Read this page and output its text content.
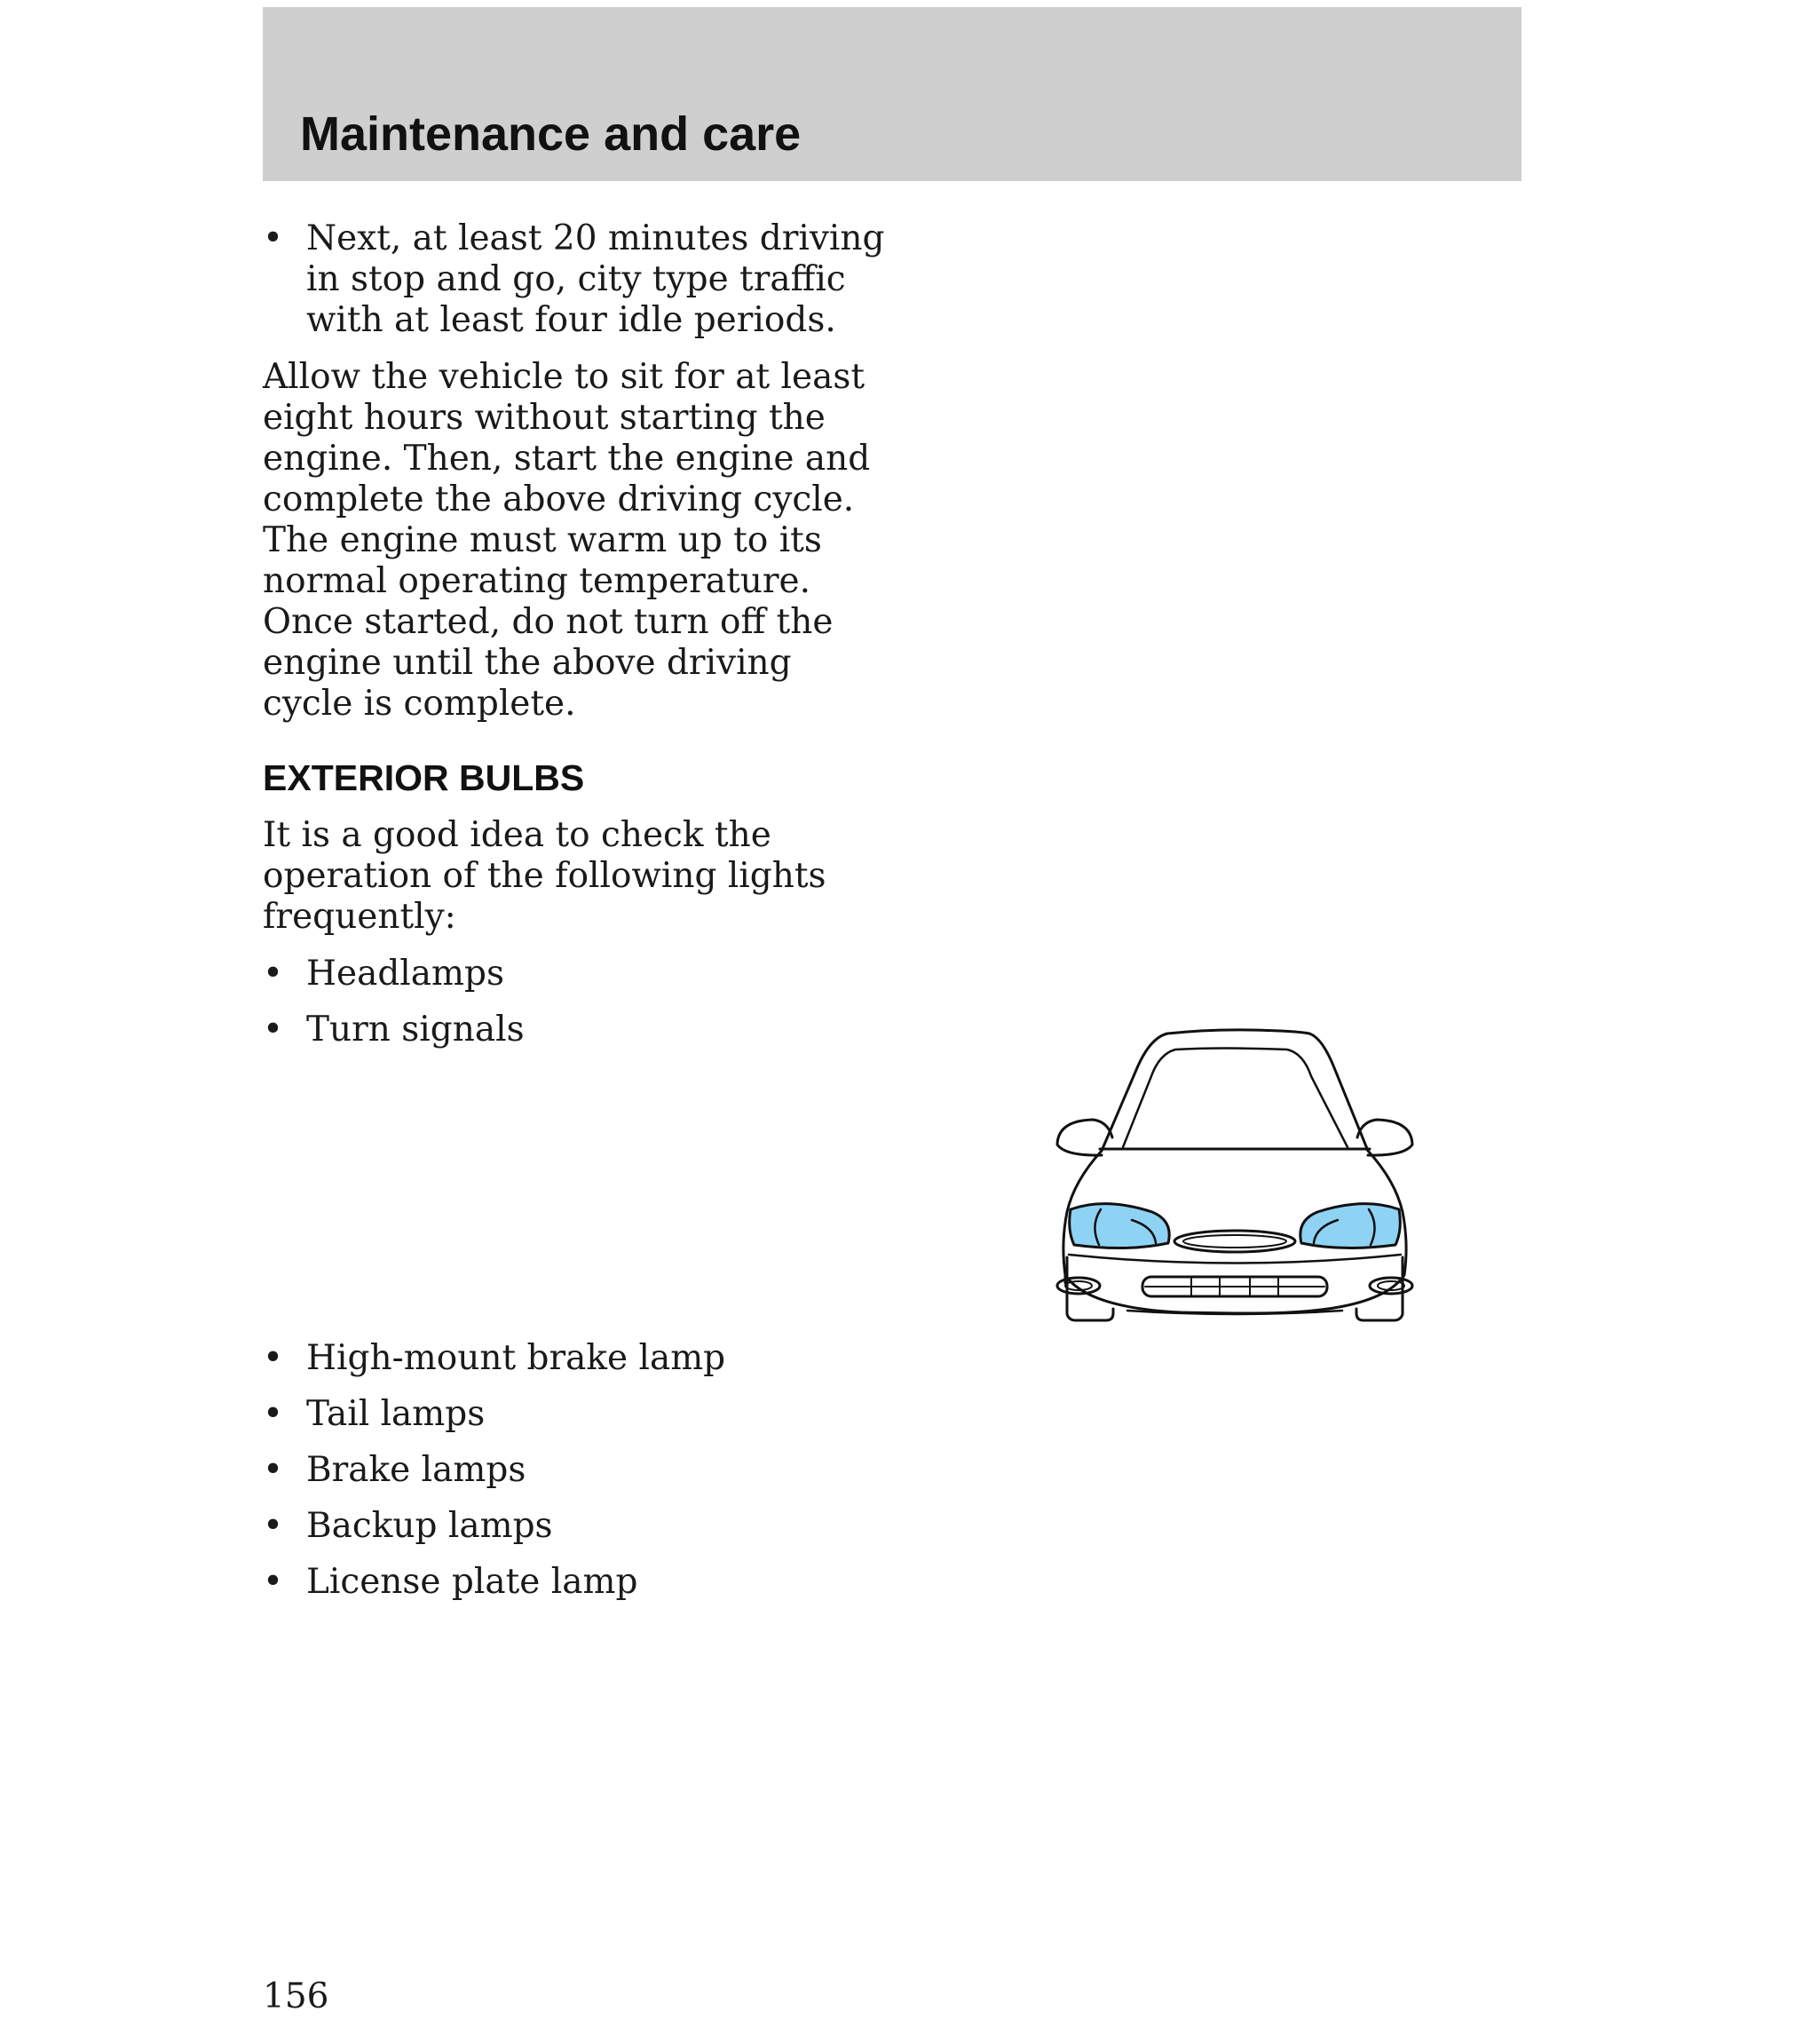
Maintenance and care
• Next, at least 20 minutes driving in stop and go, city type traffic with at least four idle periods.

Allow the vehicle to sit for at least eight hours without starting the engine. Then, start the engine and complete the above driving cycle. The engine must warm up to its normal operating temperature. Once started, do not turn off the engine until the above driving cycle is complete.

EXTERIOR BULBS

It is a good idea to check the operation of the following lights frequently:

• Headlamps
• Turn signals
• High-mount brake lamp
• Tail lamps
• Brake lamps
• Backup lamps
• License plate lamp

156
